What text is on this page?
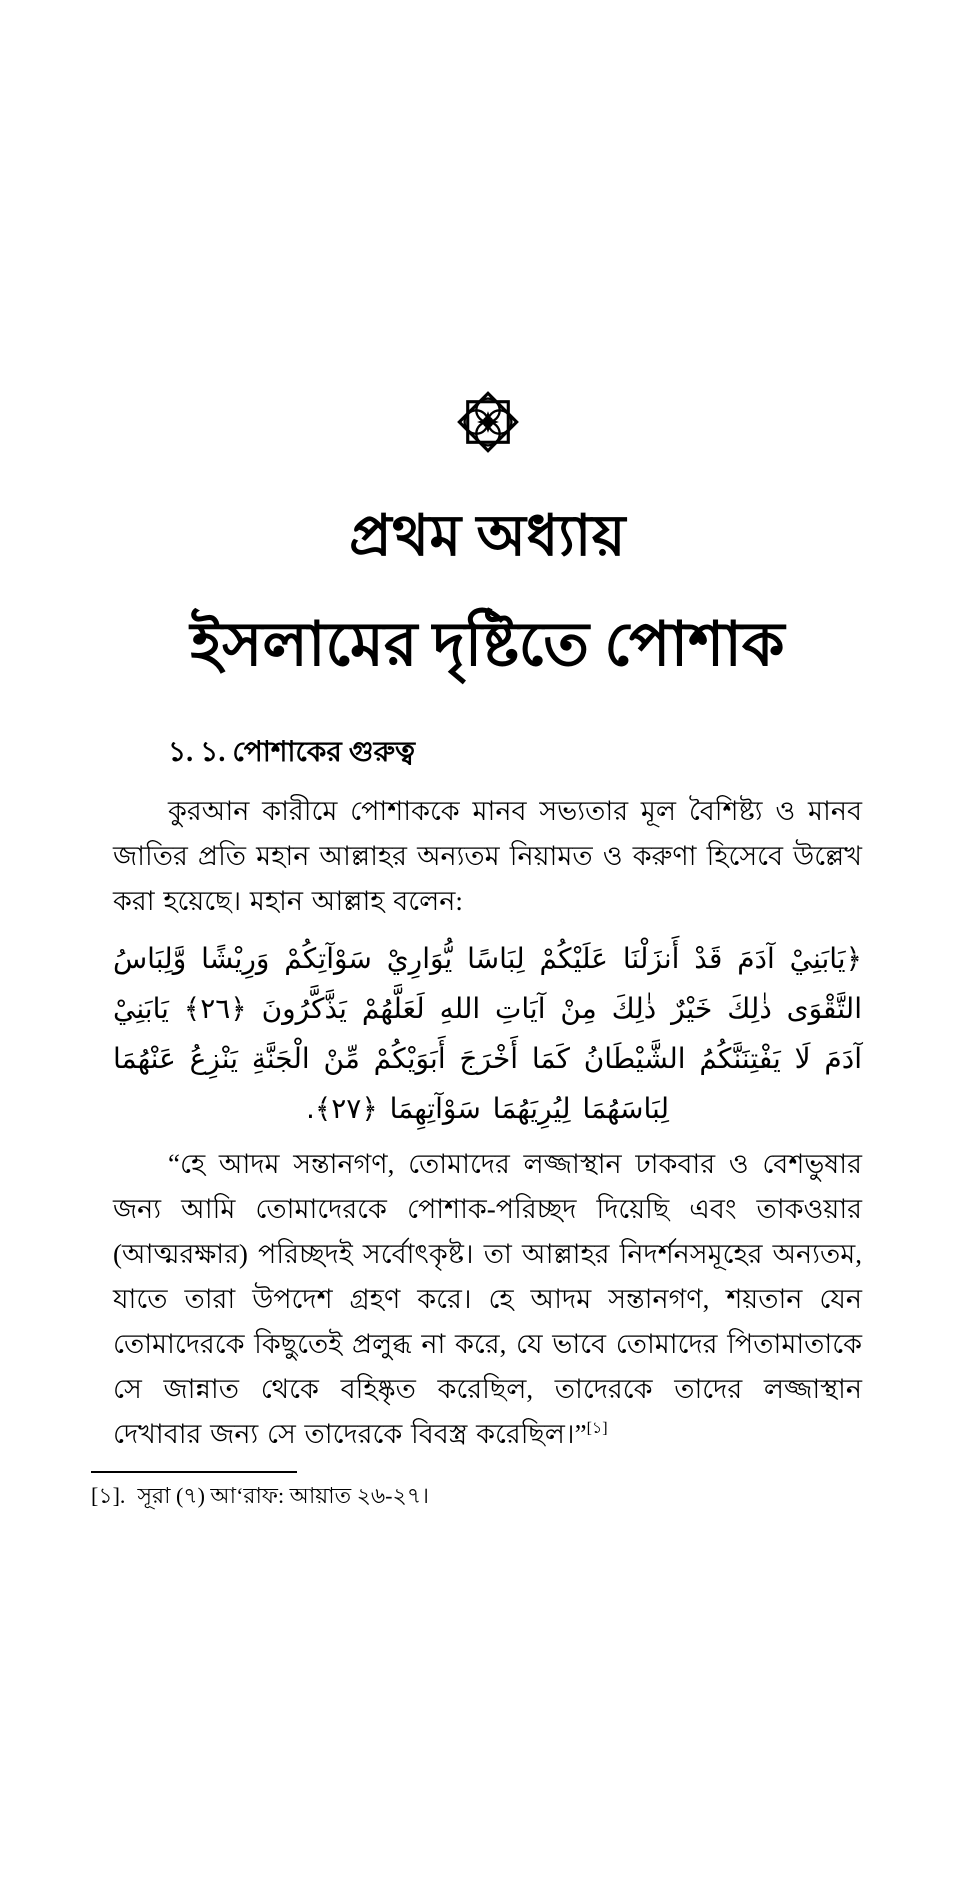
প্রথম অধ্যায়
ইসলামের দৃষ্টিতে পোশাক
১. ১. পোশাকের গুরুত্ব

কুরআন কারীমে পোশাককে মানব সভ্যতার মূল বৈশিষ্ট্য ও মানব জাতির প্রতি মহান আল্লাহর অন্যতম নিয়ামত ও করুণা হিসেবে উল্লেখ করা হয়েছে। মহান আল্লাহ বলেন:

﴿يَابَنِيْ آدَمَ قَدْ أَنزَلْنَا عَلَيْكُمْ لِبَاسًا يُّوَارِيْ سَوْآتِكُمْ وَرِيْشًا وَّلِبَاسُ التَّقْوَى ذٰلِكَ خَيْرٌ ذٰلِكَ مِنْ آيَاتِ اللهِ لَعَلَّهُمْ يَذَّكَّرُونَ ﴿٢٦﴾ يَابَنِيْ آدَمَ لَا يَفْتِنَنَّكُمُ الشَّيْطَانُ كَمَا أَخْرَجَ أَبَوَيْكُمْ مِّنْ الْجَنَّةِ يَنْزِعُ عَنْهُمَا لِبَاسَهُمَا لِيُرِيَهُمَا سَوْآتِهِمَا ﴿٢٧﴾.

“হে আদম সন্তানগণ, তোমাদের লজ্জাস্থান ঢাকবার ও বেশভুষার জন্য আমি তোমাদেরকে পোশাক-পরিচ্ছদ দিয়েছি এবং তাকওয়ার (আত্মরক্ষার) পরিচ্ছদই সর্বোৎকৃষ্ট। তা আল্লাহর নিদর্শনসমূহের অন্যতম, যাতে তারা উপদেশ গ্রহণ করে। হে আদম সন্তানগণ, শয়তান যেন তোমাদেরকে কিছুতেই প্রলুব্ধ না করে, যে ভাবে তোমাদের পিতামাতাকে সে জান্নাত থেকে বহিষ্কৃত করেছিল, তাদেরকে তাদের লজ্জাস্থান দেখাবার জন্য সে তাদেরকে বিবস্ত্র করেছিল।”[১]

[১]. সূরা (৭) আ‘রাফ: আয়াত ২৬-২৭।
